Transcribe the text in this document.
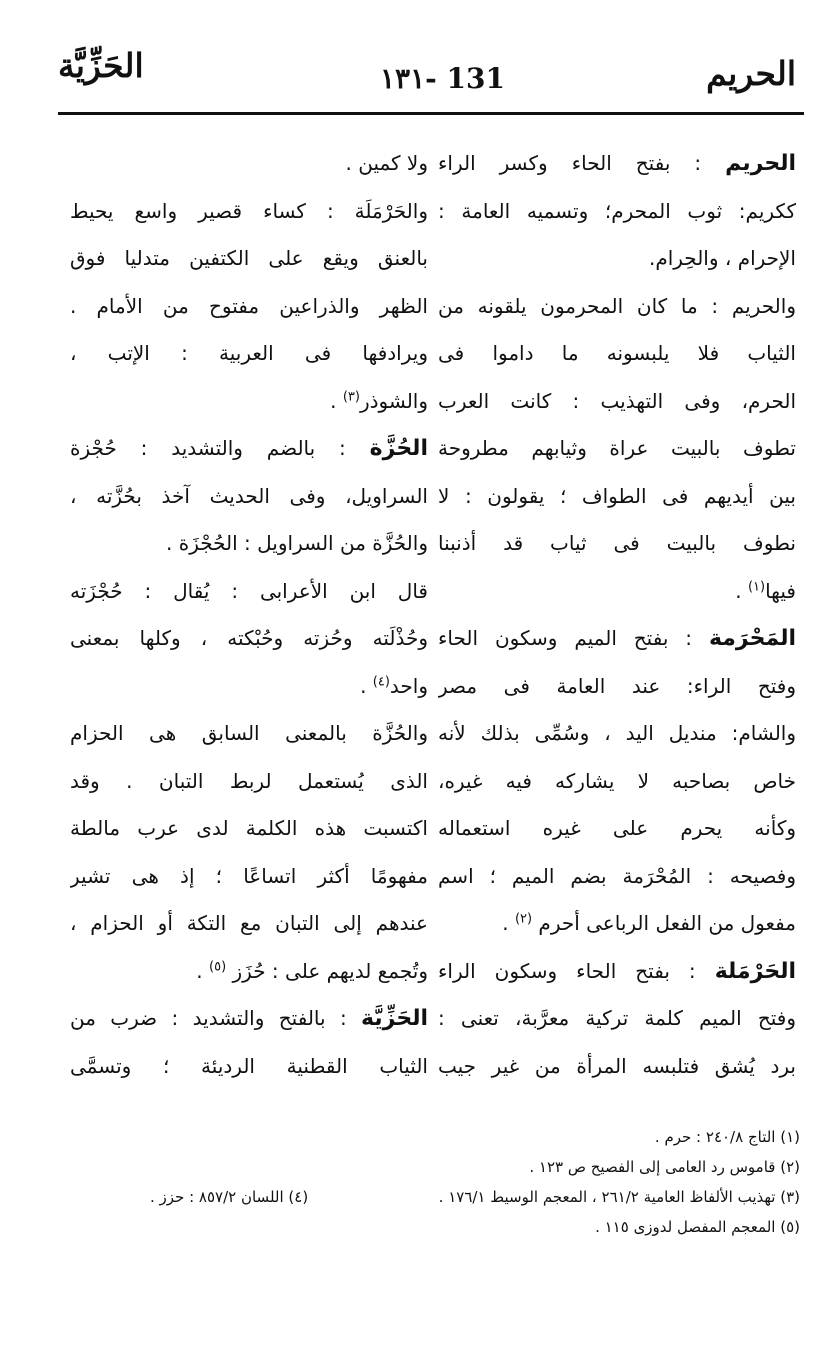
الحريم
١٣١- 131
الحَزِّيَّة
الحريم : بفتح الحاء وكسر الراء
ككريم: ثوب المحرم؛ وتسميه العامة :
الإحرام ، والحِرام.
والحريم : ما كان المحرمون يلقونه من
الثياب فلا يلبسونه ما داموا فى
الحرم، وفى التهذيب : كانت العرب
تطوف بالبيت عراة وثيابهم مطروحة
بين أيديهم فى الطواف ؛ يقولون : لا
نطوف بالبيت فى ثياب قد أذنبنا
فيها$^{(١)}$ .
المَحْرَمة : بفتح الميم وسكون الحاء
وفتح الراء: عند العامة فى مصر
والشام: منديل اليد ، وسُمِّى بذلك لأنه
خاص بصاحبه لا يشاركه فيه غيره،
وكأنه يحرم على غيره استعماله
وفصيحه : المُحْرَمة بضم الميم ؛ اسم
مفعول من الفعل الرباعى أحرم $^{(٢)}$ .
الحَرْمَلة : بفتح الحاء وسكون الراء
وفتح الميم كلمة تركية معرَّبة، تعنى :
برد يُشق فتلبسه المرأة من غير جيب
ولا كمين .
والحَرْمَلَة : كساء قصير واسع يحيط
بالعنق ويقع على الكتفين متدليا فوق
الظهر والذراعين مفتوح من الأمام .
ويرادفها فى العربية : الإتب ،
والشوذر$^{(٣)}$ .
الحُزَّة : بالضم والتشديد : حُجْزة
السراويل، وفى الحديث آخذ بحُزَّته ،
والحُزَّة من السراويل : الحُجْزَة .
قال ابن الأعرابى : يُقال : حُجْزَته
وحُذْلَته وحُزته وحُبْكته ، وكلها بمعنى
واحد$^{(٤)}$ .
والحُزَّة بالمعنى السابق هى الحزام
الذى يُستعمل لربط التبان . وقد
اكتسبت هذه الكلمة لدى عرب مالطة
مفهومًا أكثر اتساعًا ؛ إذ هى تشير
عندهم إلى التبان مع التكة أو الحزام ،
وتُجمع لديهم على : حُزَز $^{(٥)}$ .
الحَزِّيَّة : بالفتح والتشديد : ضرب من
الثياب القطنية الرديئة ؛ وتسمَّى
(١) التاج ٢٤٠/٨ : حرم .
(٢) قاموس رد العامى إلى الفصيح ص ١٢٣ .
(٣) تهذيب الألفاظ العامية ٢٦١/٢ ، المعجم الوسيط ١٧٦/١ .
(٤) اللسان ٨٥٧/٢ : حزز .
(٥) المعجم المفصل لدوزى ١١٥ .
